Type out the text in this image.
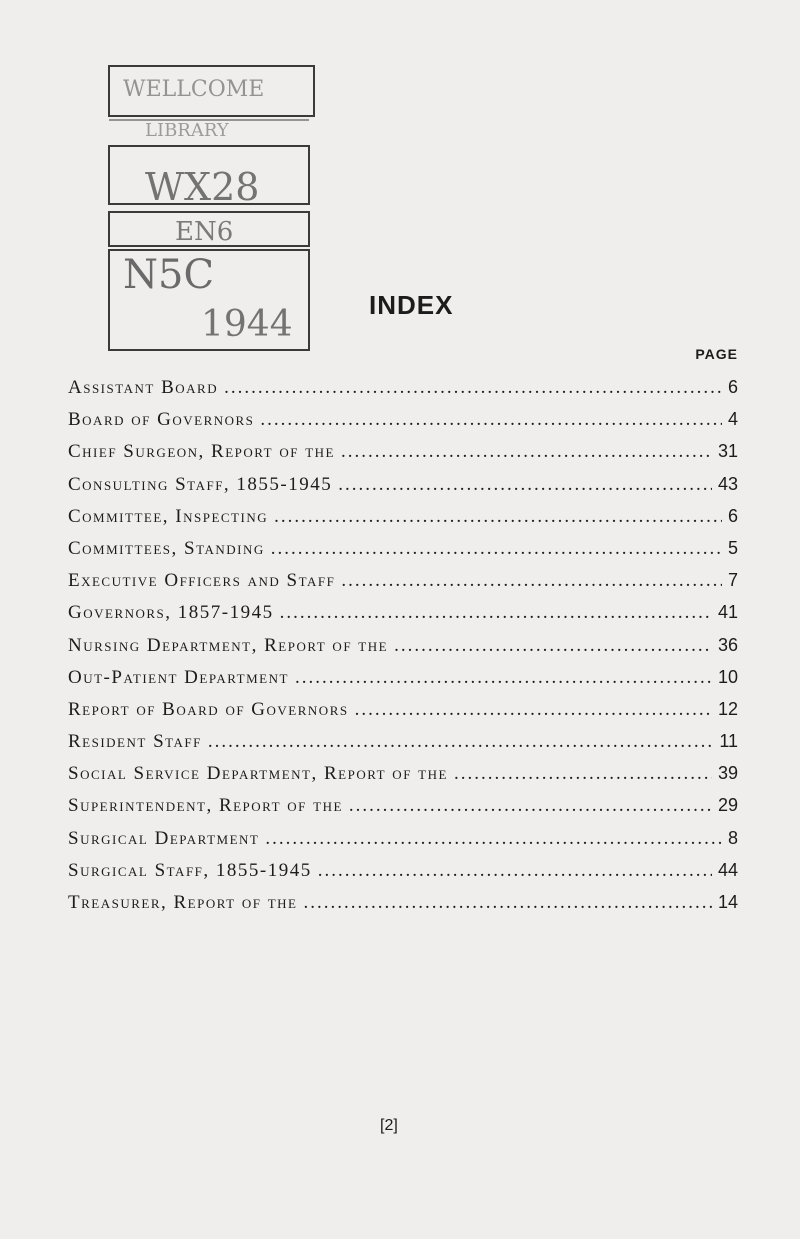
WELLCOME
LIBRARY
WX28
EN6
N5C
1944	INDEX
PAGE
Assistant Board .....	6
Board of Governors .....	4
Chief Surgeon, Report of the .....	31
Consulting Staff, 1855-1945 .....	43
Committee, Inspecting .....	6
Committees, Standing .....	5
Executive Officers and Staff .....	7
Governors, 1857-1945 .....	41
Nursing Department, Report of the .....	36
Out-Patient Department .....	10
Report of Board of Governors .....	12
Resident Staff .....	11
Social Service Department, Report of the .....	39
Superintendent, Report of the .....	29
Surgical Department .....	8
Surgical Staff, 1855-1945 .....	44
Treasurer, Report of the .....	14
[2]
